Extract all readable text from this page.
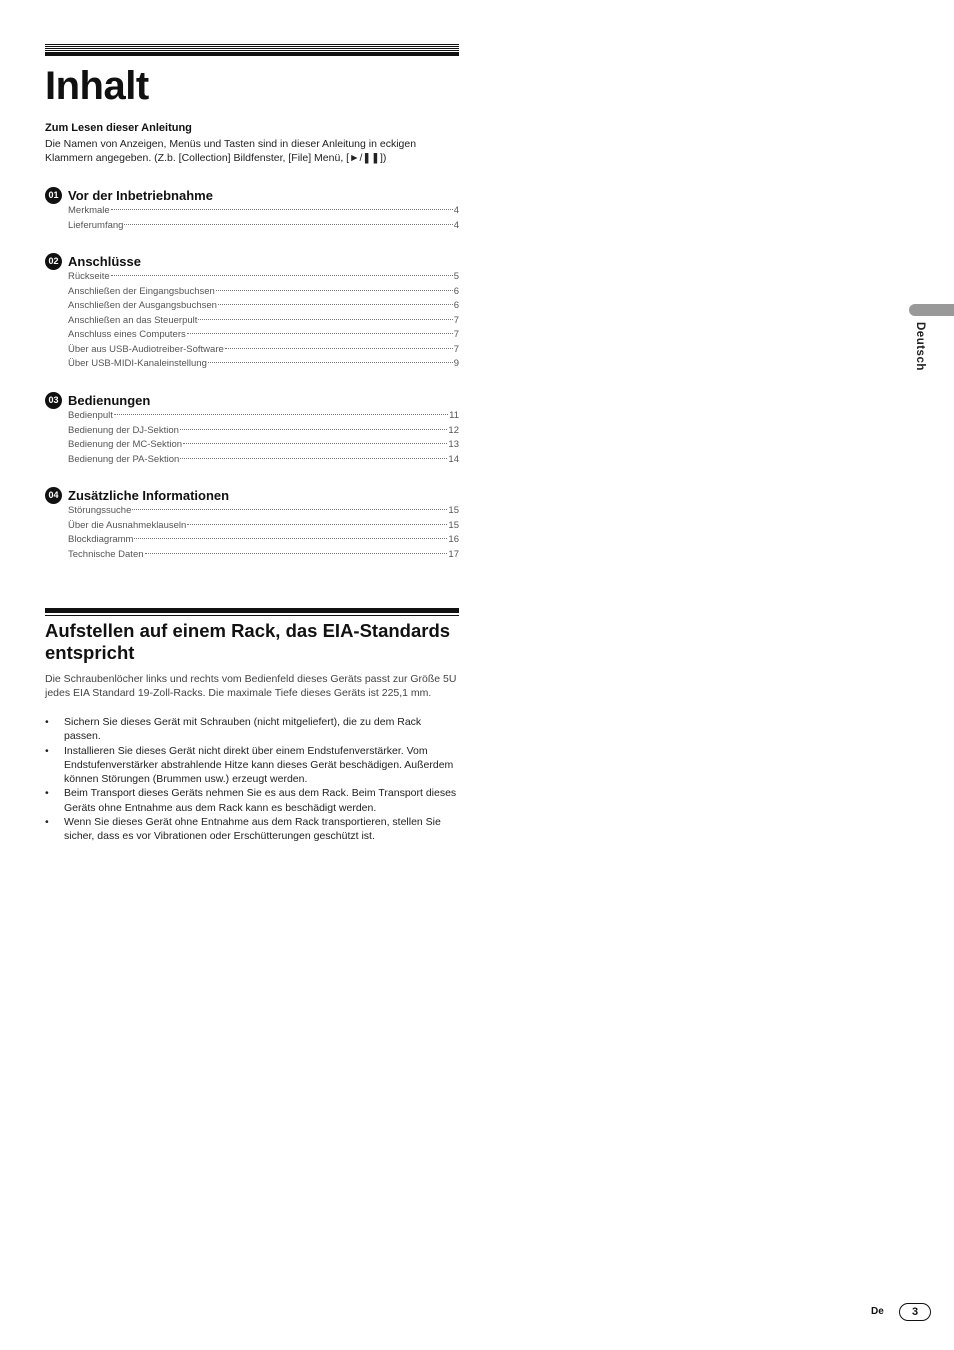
Inhalt
Zum Lesen dieser Anleitung
Die Namen von Anzeigen, Menüs und Tasten sind in dieser Anleitung in eckigen Klammern angegeben. (Z.b. [Collection] Bildfenster, [File] Menü, [►/❚❚])
01 Vor der Inbetriebnahme
Merkmale	4
Lieferumfang	4
02 Anschlüsse
Rückseite	5
Anschließen der Eingangsbuchsen	6
Anschließen der Ausgangsbuchsen	6
Anschließen an das Steuerpult	7
Anschluss eines Computers	7
Über aus USB-Audiotreiber-Software	7
Über USB-MIDI-Kanaleinstellung	9
03 Bedienungen
Bedienpult	11
Bedienung der DJ-Sektion	12
Bedienung der MC-Sektion	13
Bedienung der PA-Sektion	14
04 Zusätzliche Informationen
Störungssuche	15
Über die Ausnahmeklauseln	15
Blockdiagramm	16
Technische Daten	17
Aufstellen auf einem Rack, das EIA-Standards entspricht
Die Schraubenlöcher links und rechts vom Bedienfeld dieses Geräts passt zur Größe 5U jedes EIA Standard 19-Zoll-Racks. Die maximale Tiefe dieses Geräts ist 225,1 mm.
• Sichern Sie dieses Gerät mit Schrauben (nicht mitgeliefert), die zu dem Rack passen.
• Installieren Sie dieses Gerät nicht direkt über einem Endstufenverstärker. Vom Endstufenverstärker abstrahlende Hitze kann dieses Gerät beschädigen. Außerdem können Störungen (Brummen usw.) erzeugt werden.
• Beim Transport dieses Geräts nehmen Sie es aus dem Rack. Beim Transport dieses Geräts ohne Entnahme aus dem Rack kann es beschädigt werden.
• Wenn Sie dieses Gerät ohne Entnahme aus dem Rack transportieren, stellen Sie sicher, dass es vor Vibrationen oder Erschütterungen geschützt ist.
Deutsch
De	3
